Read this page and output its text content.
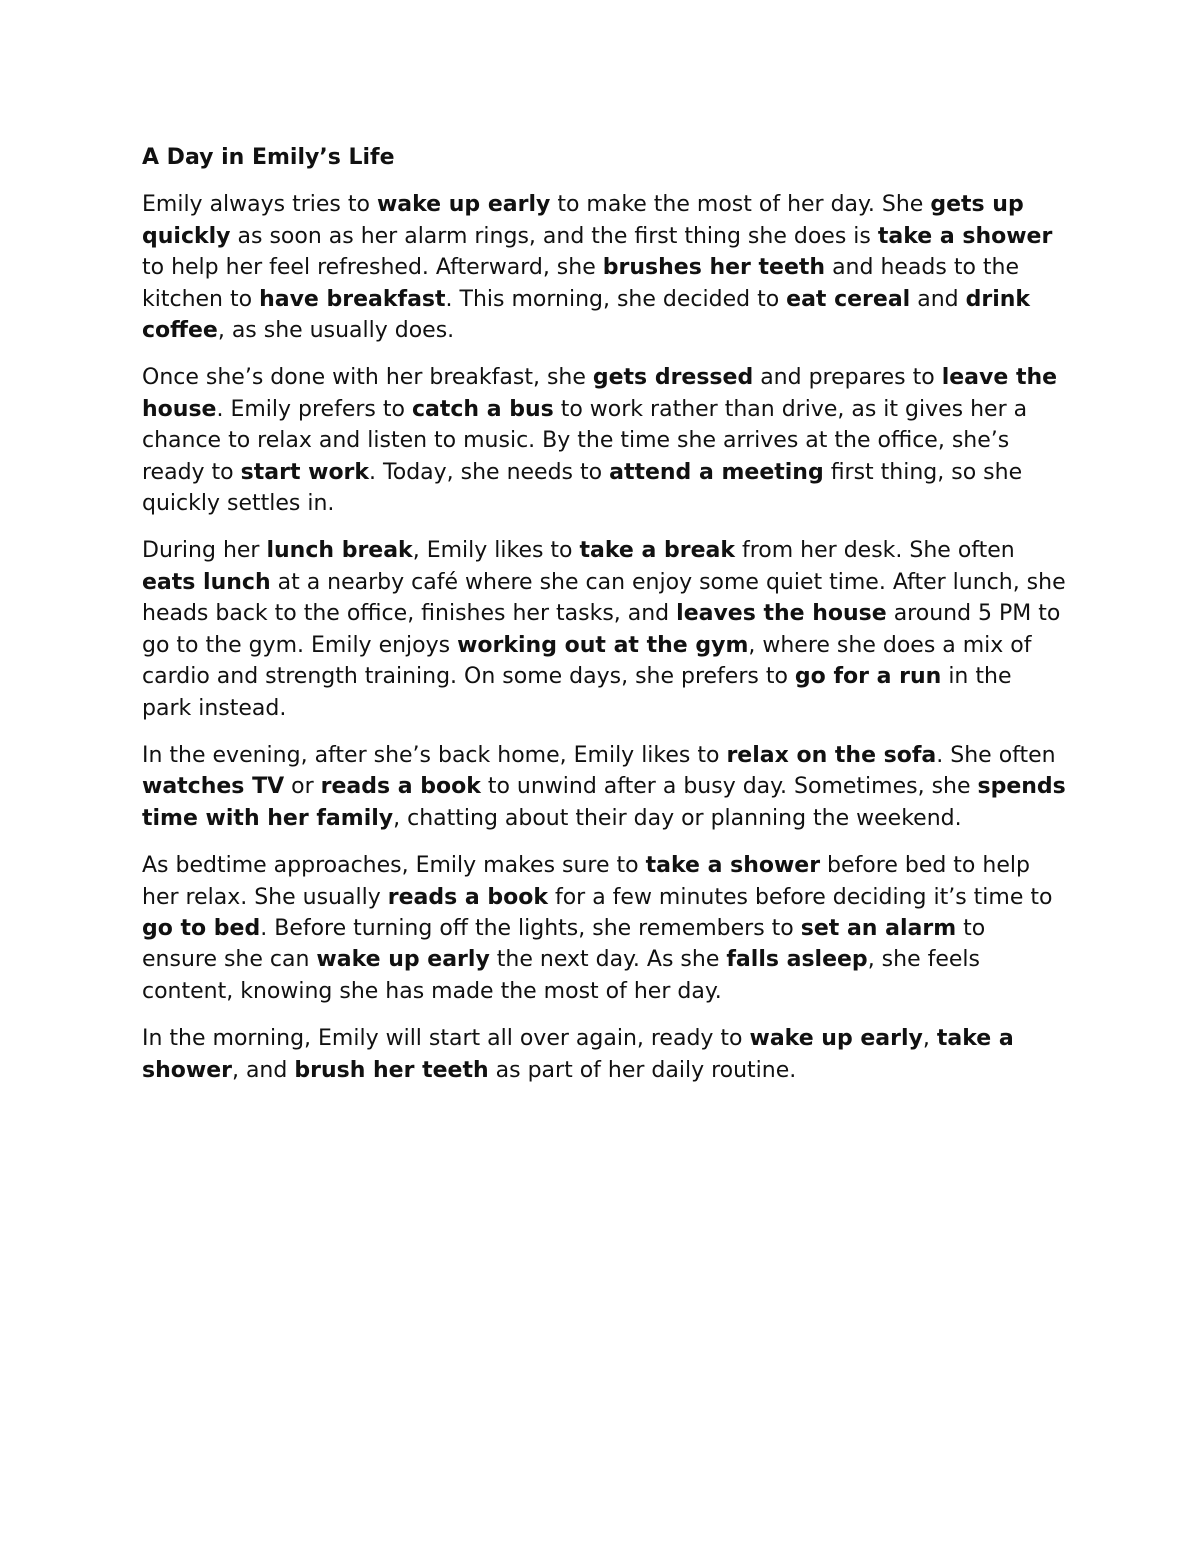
A Day in Emily’s Life

Emily always tries to wake up early to make the most of her day. She gets up quickly as soon as her alarm rings, and the first thing she does is take a shower to help her feel refreshed. Afterward, she brushes her teeth and heads to the kitchen to have breakfast. This morning, she decided to eat cereal and drink coffee, as she usually does.

Once she’s done with her breakfast, she gets dressed and prepares to leave the house. Emily prefers to catch a bus to work rather than drive, as it gives her a chance to relax and listen to music. By the time she arrives at the office, she’s ready to start work. Today, she needs to attend a meeting first thing, so she quickly settles in.

During her lunch break, Emily likes to take a break from her desk. She often eats lunch at a nearby café where she can enjoy some quiet time. After lunch, she heads back to the office, finishes her tasks, and leaves the house around 5 PM to go to the gym. Emily enjoys working out at the gym, where she does a mix of cardio and strength training. On some days, she prefers to go for a run in the park instead.

In the evening, after she’s back home, Emily likes to relax on the sofa. She often watches TV or reads a book to unwind after a busy day. Sometimes, she spends time with her family, chatting about their day or planning the weekend.

As bedtime approaches, Emily makes sure to take a shower before bed to help her relax. She usually reads a book for a few minutes before deciding it’s time to go to bed. Before turning off the lights, she remembers to set an alarm to ensure she can wake up early the next day. As she falls asleep, she feels content, knowing she has made the most of her day.

In the morning, Emily will start all over again, ready to wake up early, take a shower, and brush her teeth as part of her daily routine.
